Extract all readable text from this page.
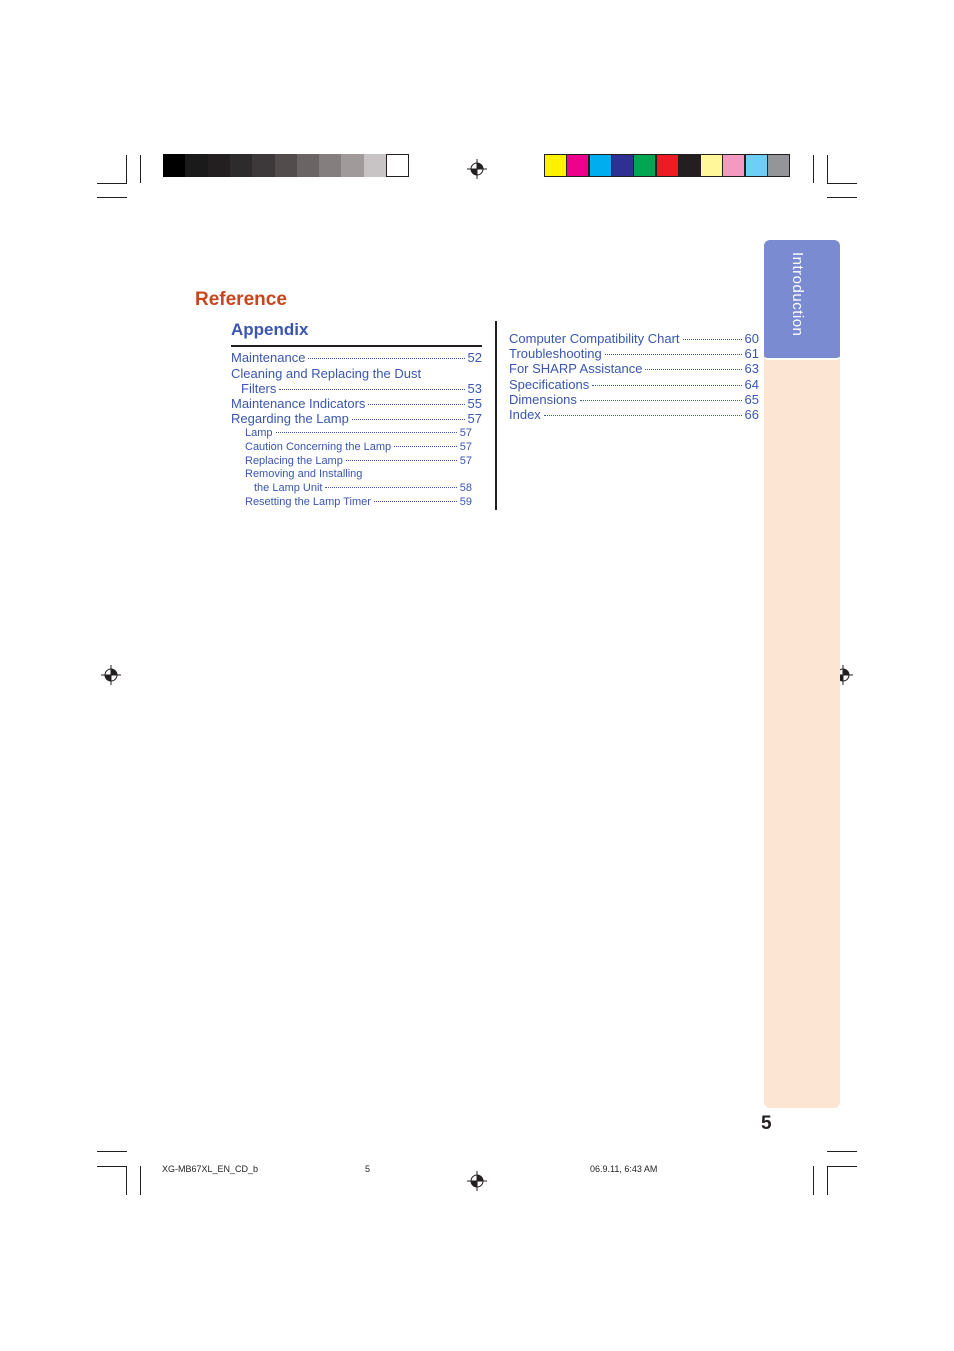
Introduction
Reference
Appendix
Maintenance	52
Cleaning and Replacing the Dust
Filters	53
Maintenance Indicators	55
Regarding the Lamp	57
Lamp	57
Caution Concerning the Lamp	57
Replacing the Lamp	57
Removing and Installing
the Lamp Unit	58
Resetting the Lamp Timer	59
Computer Compatibility Chart	60
Troubleshooting	61
For SHARP Assistance	63
Specifications	64
Dimensions	65
Index	66
5
XG-MB67XL_EN_CD_b	5	06.9.11, 6:43 AM
